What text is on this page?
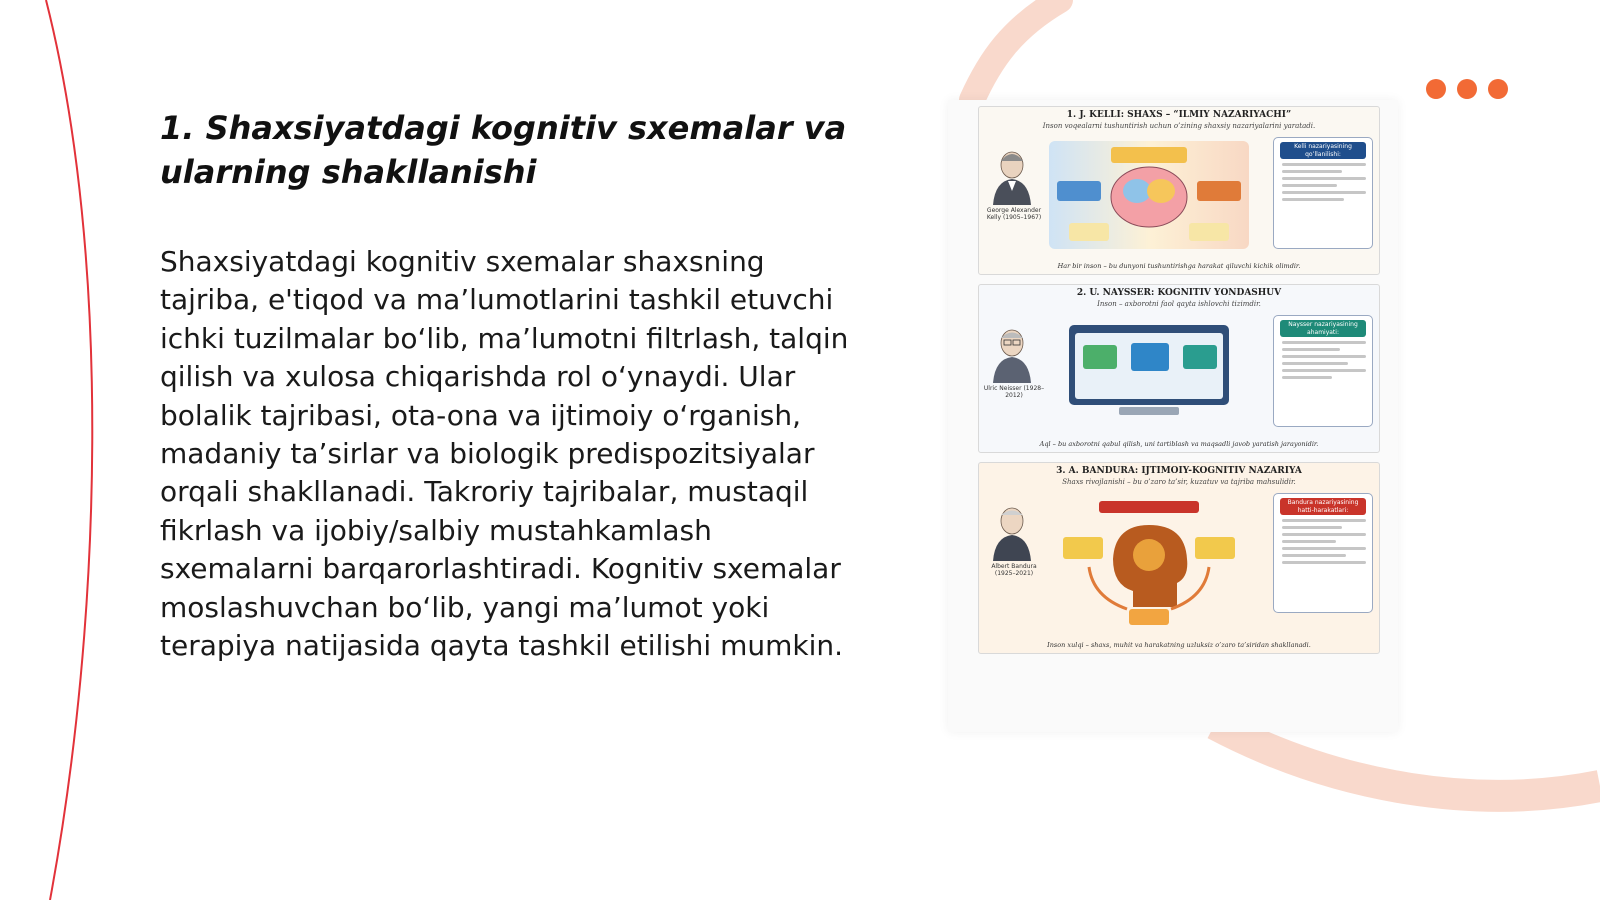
1. Shaxsiyatdagi kognitiv sxemalar va ularning shakllanishi

Shaxsiyatdagi kognitiv sxemalar shaxsning tajriba, e'tiqod va ma’lumotlarini tashkil etuvchi ichki tuzilmalar bo‘lib, ma’lumotni filtrlash, talqin qilish va xulosa chiqarishda rol o‘ynaydi. Ular bolalik tajribasi, ota-ona va ijtimoiy o‘rganish, madaniy ta’sirlar va biologik predispozitsiyalar orqali shakllanadi. Takroriy tajribalar, mustaqil fikrlash va ijobiy/salbiy mustahkamlash sxemalarni barqarorlashtiradi. Kognitiv sxemalar moslashuvchan bo‘lib, yangi ma’lumot yoki terapiya natijasida qayta tashkil etilishi mumkin.

1. J. KELLI: SHAXS – “ILMIY NAZARIYACHI”
Inson voqealarni tushuntirish uchun o’zining shaxsiy nazariyalarini yaratadi.
George Alexander Kelly (1905–1967)
Kelli nazariyasining qo’llanilishi:
Har bir inson – bu dunyoni tushuntirishga harakat qiluvchi kichik olimdir.
2. U. NAYSSER: KOGNITIV YONDASHUV
Inson – axborotni faol qayta ishlovchi tizimdir.
Ulric Neisser (1928–2012)
Naysser nazariyasining ahamiyati:
Aql – bu axborotni qabul qilish, uni tartiblash va maqsadli javob yaratish jarayonidir.
3. A. BANDURA: IJTIMOIY-KOGNITIV NAZARIYA
Shaxs rivojlanishi – bu o’zaro ta’sir, kuzatuv va tajriba mahsulidir.
Albert Bandura (1925–2021)
Bandura nazariyasining hatti-harakatlari:
Inson xulqi – shaxs, muhit va harakatning uzluksiz o’zaro ta’siridan shakllanadi.
